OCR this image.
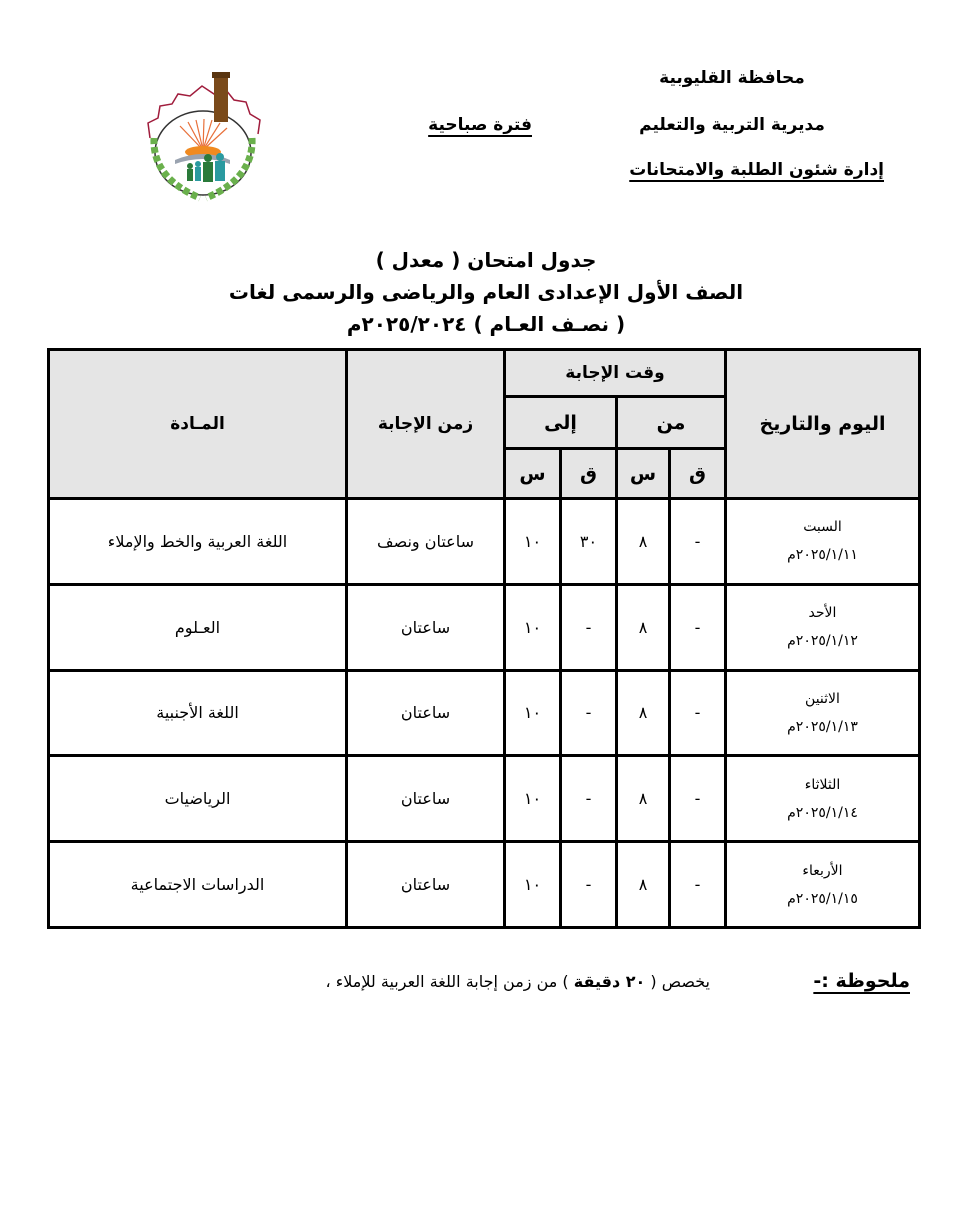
محافظة القليوبية
مديرية التربية والتعليم
إدارة شئون الطلبة والامتحانات
فترة صباحية
جدول امتحان ( معدل )
الصف الأول الإعدادى العام والرياضى والرسمى لغات
( نصـف العـام ) ٢٠٢٥/٢٠٢٤م
اليوم والتاريخ	وقت الإجابة				زمن الإجابة	المـادة
	من		إلى			
	ق	س	ق	س		

السبت
٢٠٢٥/١/١١م	-	٨	٣٠	١٠	ساعتان ونصف	اللغة العربية والخط والإملاء

الأحد
٢٠٢٥/١/١٢م	-	٨	-	١٠	ساعتان	العـلوم

الاثنين
٢٠٢٥/١/١٣م	-	٨	-	١٠	ساعتان	اللغة الأجنبية

الثلاثاء
٢٠٢٥/١/١٤م	-	٨	-	١٠	ساعتان	الرياضيات

الأربعاء
٢٠٢٥/١/١٥م	-	٨	-	١٠	ساعتان	الدراسات الاجتماعية
ملحوظة :-
يخصص ( ٢٠ دقيقة ) من زمن إجابة اللغة العربية للإملاء ،
